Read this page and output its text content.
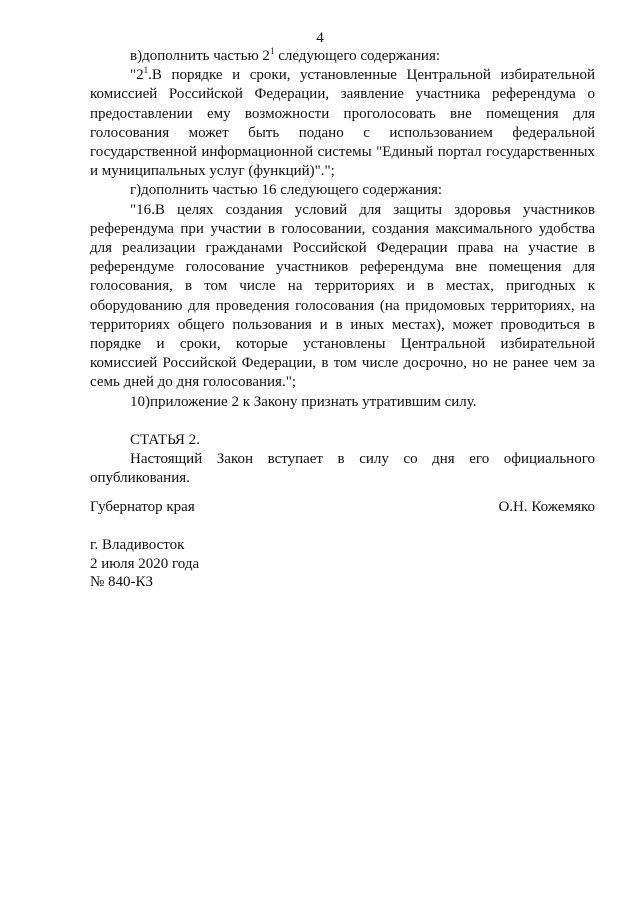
4

в)дополнить частью $2^1$ следующего содержания:

"$2^1.В$ порядке и сроки, установленные Центральной избирательной комиссией Российской Федерации, заявление участника референдума о предоставлении ему возможности проголосовать вне помещения для голосования может быть подано с использованием федеральной государственной информационной системы "Единый портал государственных и муниципальных услуг (функций)".";

г)дополнить частью 16 следующего содержания:

"16.В целях создания условий для защиты здоровья участников референдума при участии в голосовании, создания максимального удобства для реализации гражданами Российской Федерации права на участие в референдуме голосование участников референдума вне помещения для голосования, в том числе на территориях и в местах, пригодных к оборудованию для проведения голосования (на придомовых территориях, на территориях общего пользования и в иных местах), может проводиться в порядке и сроки, которые установлены Центральной избирательной комиссией Российской Федерации, в том числе досрочно, но не ранее чем за семь дней до дня голосования.";

10)приложение 2 к Закону признать утратившим силу.

СТАТЬЯ 2.

Настоящий Закон вступает в силу со дня его официального опубликования.

Губернатор края	О.Н. Кожемяко
г. Владивосток
2 июля 2020 года
№ 840-КЗ
